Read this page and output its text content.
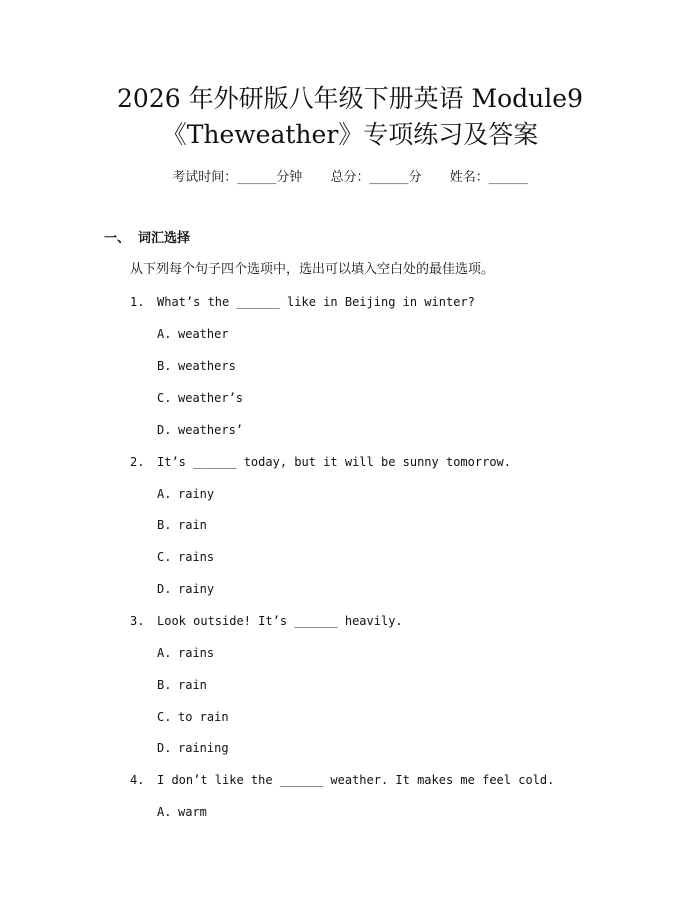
2026 年外研版八年级下册英语 Module9
《Theweather》专项练习及答案
考试时间：______分钟 总分：______分 姓名：______
一、 词汇选择
从下列每个句子四个选项中，选出可以填入空白处的最佳选项。
1. What’s the ______ like in Beijing in winter?
A. weather
B. weathers
C. weather’s
D. weathers’
2. It’s ______ today, but it will be sunny tomorrow.
A. rainy
B. rain
C. rains
D. rainy
3. Look outside! It’s ______ heavily.
A. rains
B. rain
C. to rain
D. raining
4. I don’t like the ______ weather. It makes me feel cold.
A. warm
